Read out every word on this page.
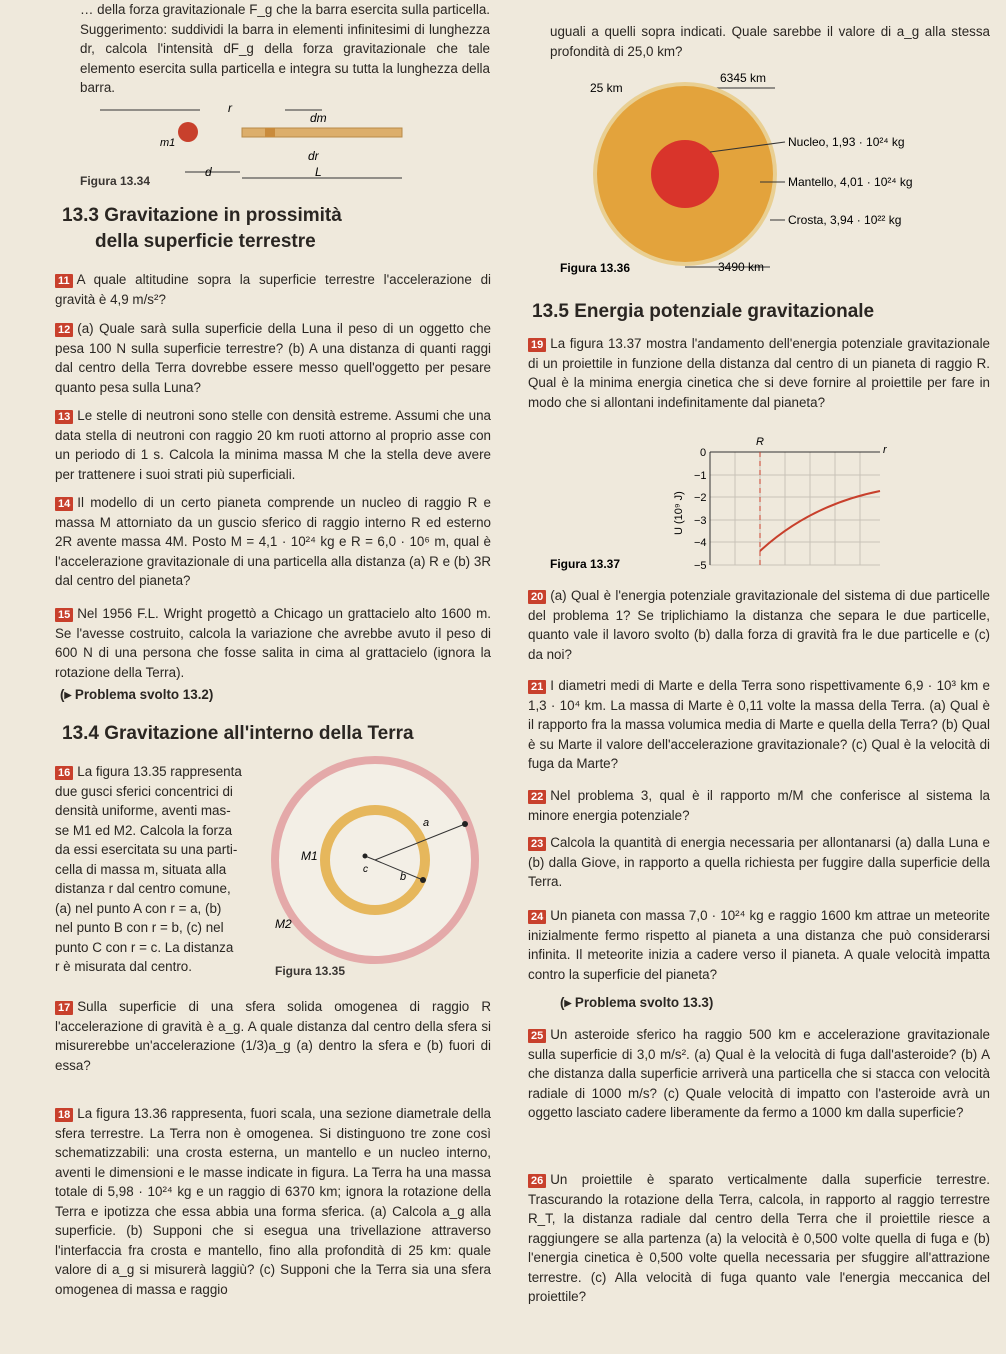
… della forza gravitazionale F_g che la barra esercita sulla particella. Suggerimento: suddividi la barra in elementi infinitesimi di lunghezza dr, calcola l'intensità dF_g della forza gravitazionale che tale elemento esercita sulla particella e integra su tutta la lunghezza della barra.

r
dm
m1
dr
d	L
Figura 13.34
13.3 Gravitazione in prossimità
della superficie terrestre

11 A quale altitudine sopra la superficie terrestre l'accelerazione di gravità è 4,9 m/s²?

12 (a) Quale sarà sulla superficie della Luna il peso di un oggetto che pesa 100 N sulla superficie terrestre? (b) A una distanza di quanti raggi dal centro della Terra dovrebbe essere messo quell'oggetto per pesare quanto pesa sulla Luna?

13 Le stelle di neutroni sono stelle con densità estreme. Assumi che una data stella di neutroni con raggio 20 km ruoti attorno al proprio asse con un periodo di 1 s. Calcola la minima massa M che la stella deve avere per trattenere i suoi strati più superficiali.

14 Il modello di un certo pianeta comprende un nucleo di raggio R e massa M attorniato da un guscio sferico di raggio interno R ed esterno 2R avente massa 4M. Posto M = 4,1 · 10²⁴ kg e R = 6,0 · 10⁶ m, qual è l'accelerazione gravitazionale di una particella alla distanza (a) R e (b) 3R dal centro del pianeta?

15 Nel 1956 F.L. Wright progettò a Chicago un grattacielo alto 1600 m. Se l'avesse costruito, calcola la variazione che avrebbe avuto il peso di 600 N di una persona che fosse salita in cima al grattacielo (ignora la rotazione della Terra).

(▸ Problema svolto 13.2)

13.4 Gravitazione all'interno della Terra

16 La figura 13.35 rappresenta

due gusci sferici concentrici di

densità uniforme, aventi mas-

se M1 ed M2. Calcola la forza

da essi esercitata su una parti-

cella di massa m, situata alla

distanza r dal centro comune,

(a) nel punto A con r = a, (b)

nel punto B con r = b, (c) nel

punto C con r = c. La distanza

r è misurata dal centro.

a
b
c
M1
M2
Figura 13.35

17 Sulla superficie di una sfera solida omogenea di raggio R l'accelerazione di gravità è a_g. A quale distanza dal centro della sfera si misurerebbe un'accelerazione (1/3)a_g (a) dentro la sfera e (b) fuori di essa?

18 La figura 13.36 rappresenta, fuori scala, una sezione diametrale della sfera terrestre. La Terra non è omogenea. Si distinguono tre zone così schematizzabili: una crosta esterna, un mantello e un nucleo interno, aventi le dimensioni e le masse indicate in figura. La Terra ha una massa totale di 5,98 · 10²⁴ kg e un raggio di 6370 km; ignora la rotazione della Terra e ipotizza che essa abbia una forma sferica. (a) Calcola a_g alla superficie. (b) Supponi che si esegua una trivellazione attraverso l'interfaccia fra crosta e mantello, fino alla profondità di 25 km: quale valore di a_g si misurerà laggiù? (c) Supponi che la Terra sia una sfera omogenea di massa e raggio

uguali a quelli sopra indicati. Quale sarebbe il valore di a_g alla stessa profondità di 25,0 km?

25 km
6345 km
Nucleo, 1,93 · 10²⁴ kg
Mantello, 4,01 · 10²⁴ kg
Crosta, 3,94 · 10²² kg
3490 km
Figura 13.36
13.5 Energia potenziale gravitazionale

19 La figura 13.37 mostra l'andamento dell'energia potenziale gravitazionale di un proiettile in funzione della distanza dal centro di un pianeta di raggio R. Qual è la minima energia cinetica che si deve fornire al proiettile per fare in modo che si allontani indefinitamente dal pianeta?

0
−1
−2
−3
−4
−5
U (10⁹ J)
R
r
Figura 13.37

20 (a) Qual è l'energia potenziale gravitazionale del sistema di due particelle del problema 1? Se triplichiamo la distanza che separa le due particelle, quanto vale il lavoro svolto (b) dalla forza di gravità fra le due particelle e (c) da noi?

21 I diametri medi di Marte e della Terra sono rispettivamente 6,9 · 10³ km e 1,3 · 10⁴ km. La massa di Marte è 0,11 volte la massa della Terra. (a) Qual è il rapporto fra la massa volumica media di Marte e quella della Terra? (b) Qual è su Marte il valore dell'accelerazione gravitazionale? (c) Qual è la velocità di fuga da Marte?

22 Nel problema 3, qual è il rapporto m/M che conferisce al sistema la minore energia potenziale?

23 Calcola la quantità di energia necessaria per allontanarsi (a) dalla Luna e (b) dalla Giove, in rapporto a quella richiesta per fuggire dalla superficie della Terra.

24 Un pianeta con massa 7,0 · 10²⁴ kg e raggio 1600 km attrae un meteorite inizialmente fermo rispetto al pianeta a una distanza che può considerarsi infinita. Il meteorite inizia a cadere verso il pianeta. A quale velocità impatta contro la superficie del pianeta?

(▸ Problema svolto 13.3)

25 Un asteroide sferico ha raggio 500 km e accelerazione gravitazionale sulla superficie di 3,0 m/s². (a) Qual è la velocità di fuga dall'asteroide? (b) A che distanza dalla superficie arriverà una particella che si stacca con velocità radiale di 1000 m/s? (c) Quale velocità di impatto con l'asteroide avrà un oggetto lasciato cadere liberamente da fermo a 1000 km dalla superficie?

26 Un proiettile è sparato verticalmente dalla superficie terrestre. Trascurando la rotazione della Terra, calcola, in rapporto al raggio terrestre R_T, la distanza radiale dal centro della Terra che il proiettile riesce a raggiungere se alla partenza (a) la velocità è 0,500 volte quella di fuga e (b) l'energia cinetica è 0,500 volte quella necessaria per sfuggire all'attrazione terrestre. (c) Alla velocità di fuga quanto vale l'energia meccanica del proiettile?
